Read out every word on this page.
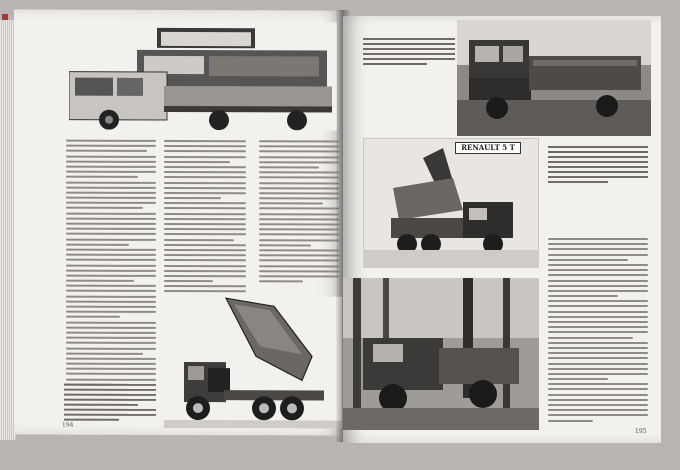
194
RENAULT 5 T
195
